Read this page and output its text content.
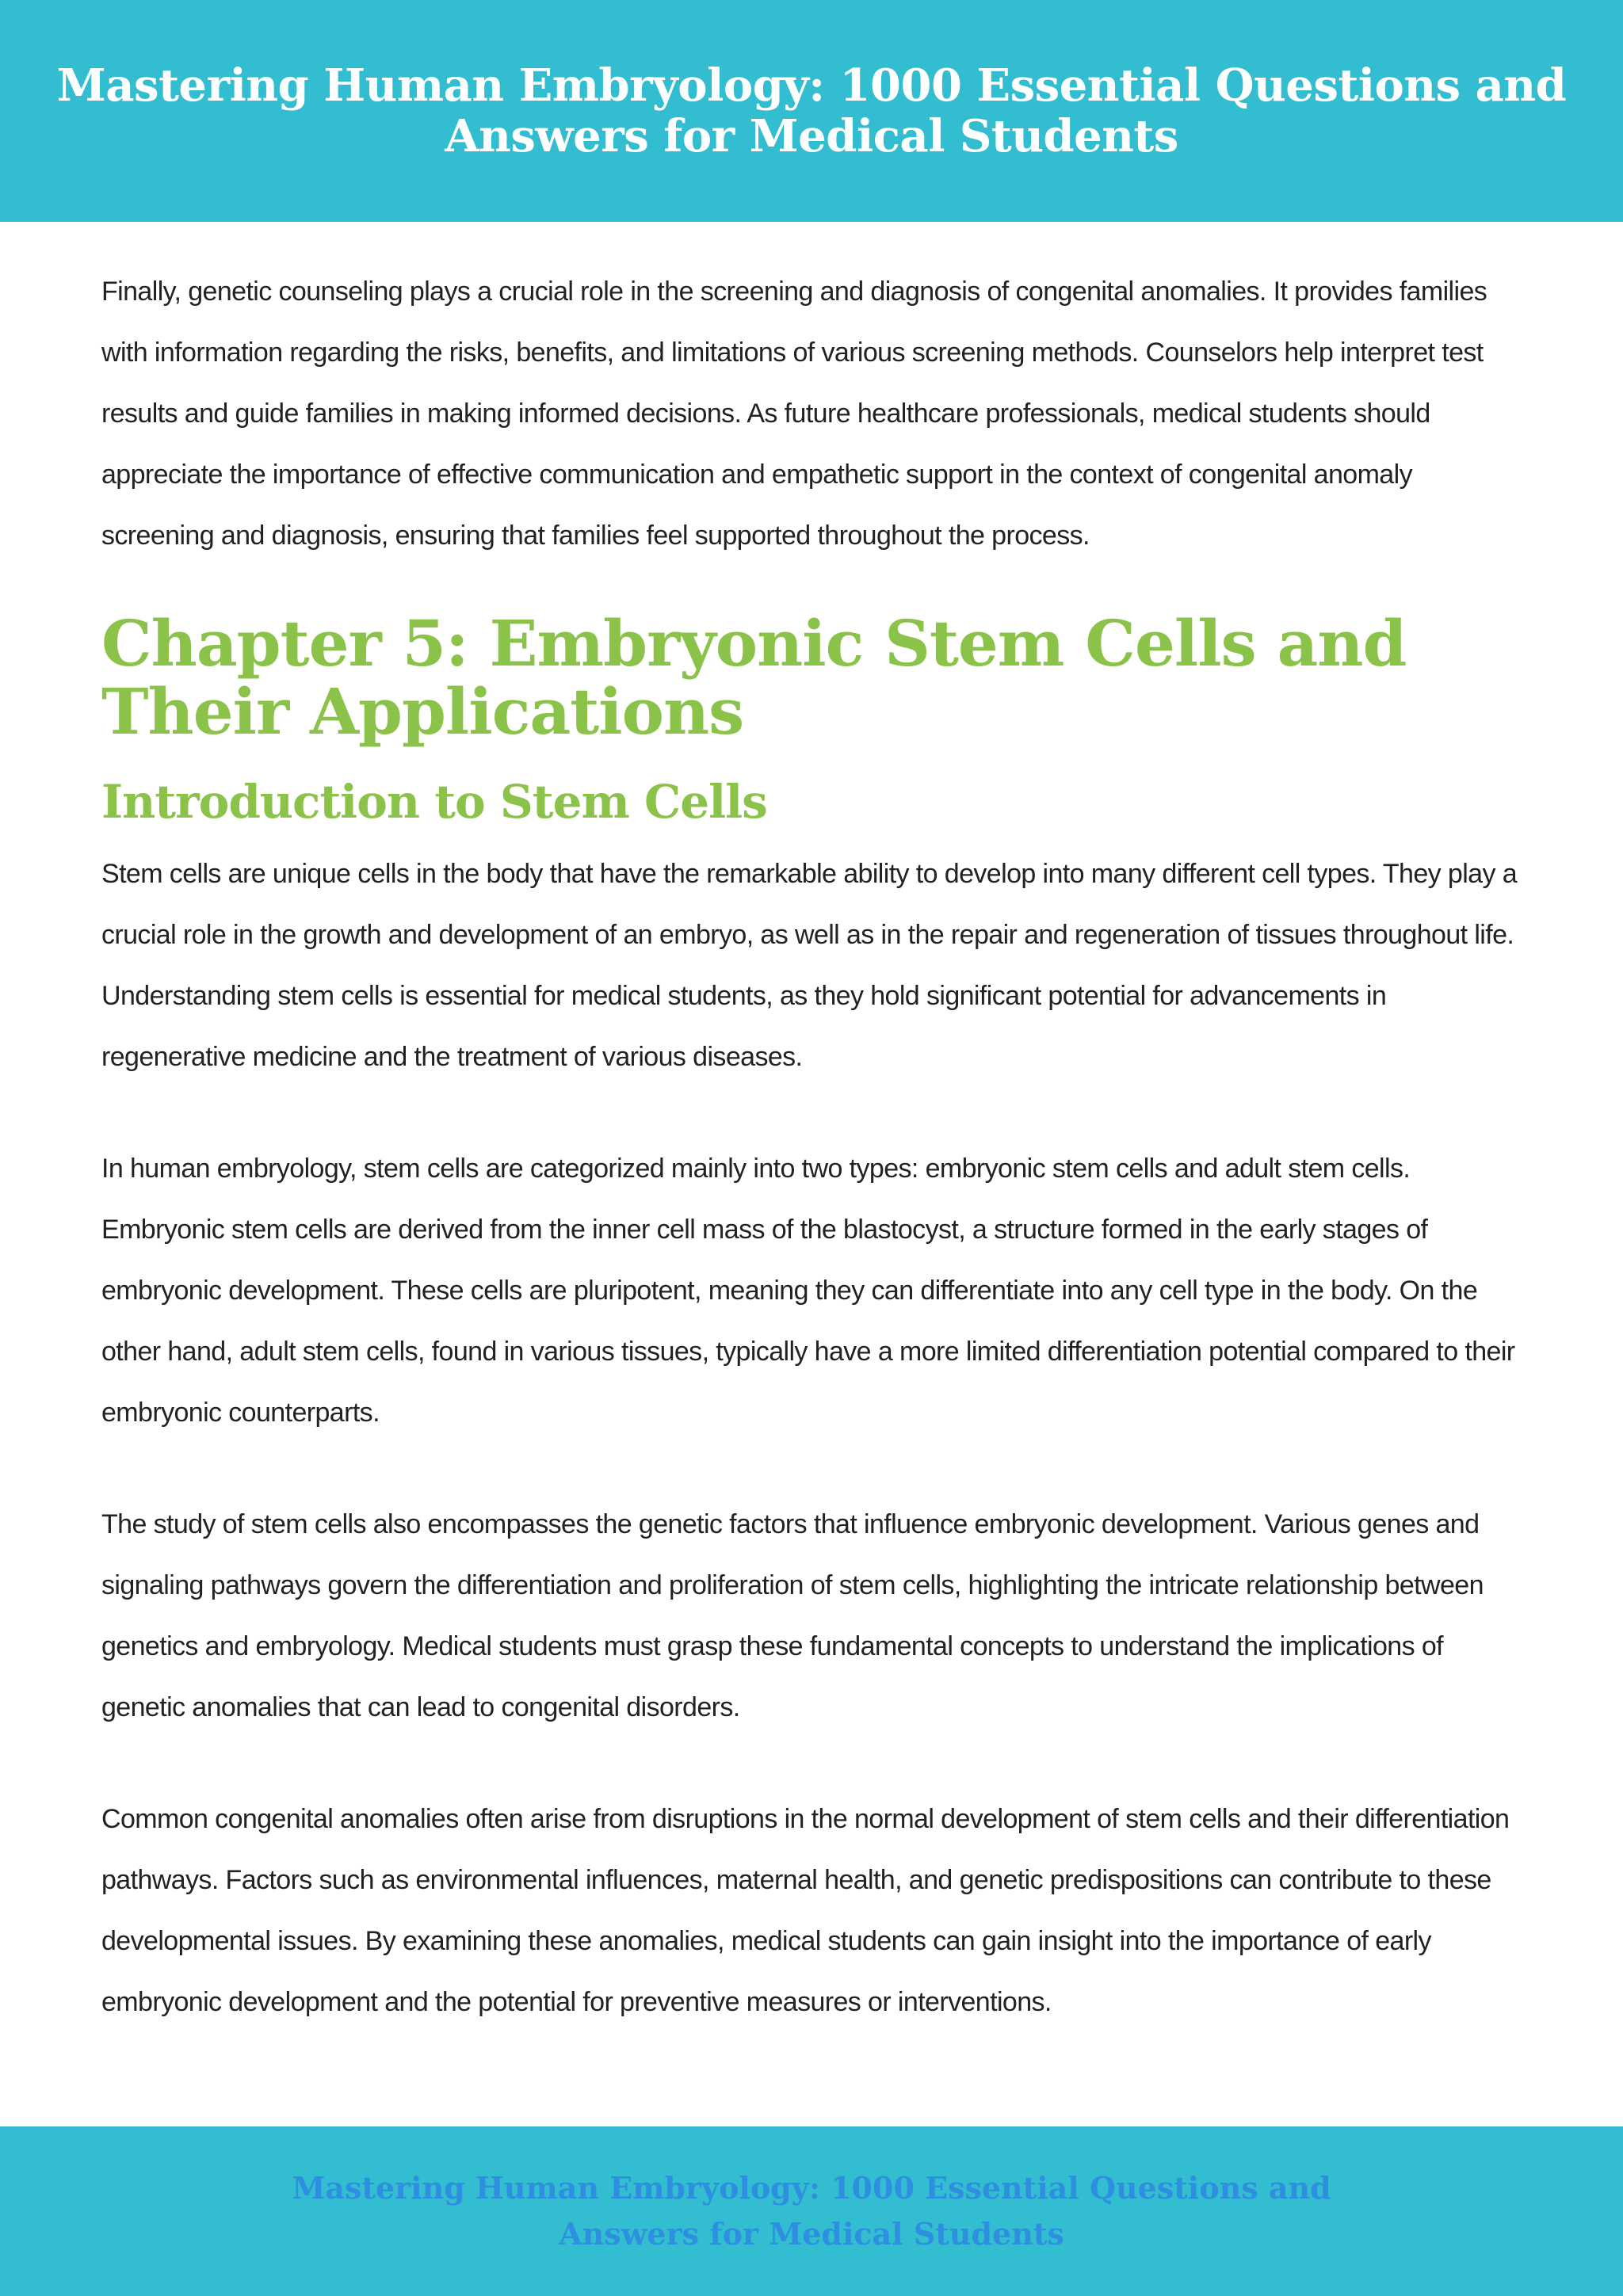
Mastering Human Embryology: 1000 Essential Questions and Answers for Medical Students

Finally, genetic counseling plays a crucial role in the screening and diagnosis of congenital anomalies. It provides families with information regarding the risks, benefits, and limitations of various screening methods. Counselors help interpret test results and guide families in making informed decisions. As future healthcare professionals, medical students should appreciate the importance of effective communication and empathetic support in the context of congenital anomaly screening and diagnosis, ensuring that families feel supported throughout the process.

Chapter 5: Embryonic Stem Cells and Their Applications
Introduction to Stem Cells

Stem cells are unique cells in the body that have the remarkable ability to develop into many different cell types. They play a crucial role in the growth and development of an embryo, as well as in the repair and regeneration of tissues throughout life. Understanding stem cells is essential for medical students, as they hold significant potential for advancements in regenerative medicine and the treatment of various diseases.

In human embryology, stem cells are categorized mainly into two types: embryonic stem cells and adult stem cells. Embryonic stem cells are derived from the inner cell mass of the blastocyst, a structure formed in the early stages of embryonic development. These cells are pluripotent, meaning they can differentiate into any cell type in the body. On the other hand, adult stem cells, found in various tissues, typically have a more limited differentiation potential compared to their embryonic counterparts.

The study of stem cells also encompasses the genetic factors that influence embryonic development. Various genes and signaling pathways govern the differentiation and proliferation of stem cells, highlighting the intricate relationship between genetics and embryology. Medical students must grasp these fundamental concepts to understand the implications of genetic anomalies that can lead to congenital disorders.

Common congenital anomalies often arise from disruptions in the normal development of stem cells and their differentiation pathways. Factors such as environmental influences, maternal health, and genetic predispositions can contribute to these developmental issues. By examining these anomalies, medical students can gain insight into the importance of early embryonic development and the potential for preventive measures or interventions.

Mastering Human Embryology: 1000 Essential Questions and Answers for Medical Students
